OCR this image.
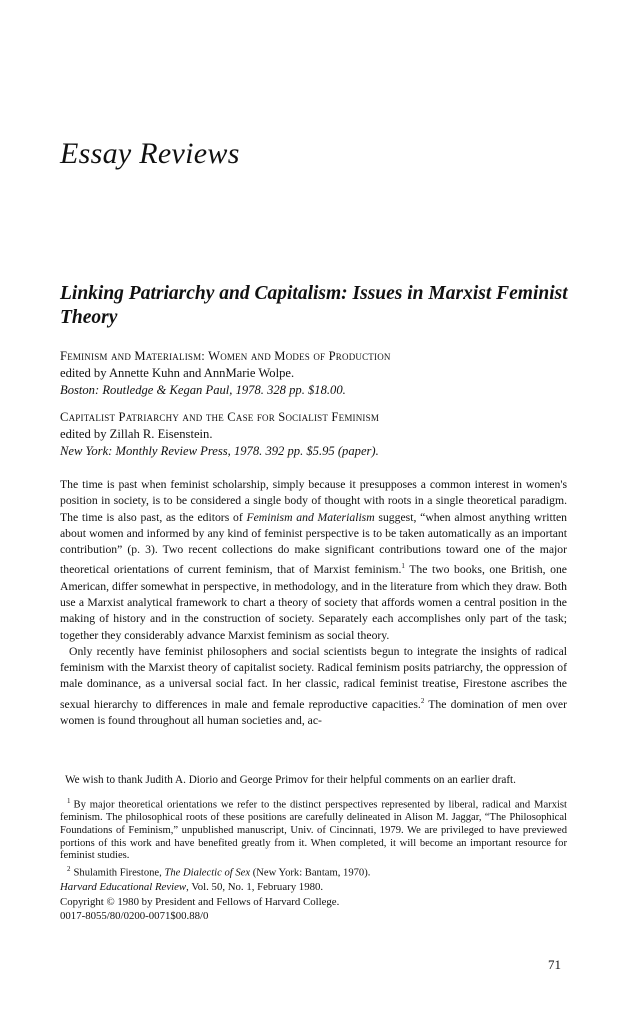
Essay Reviews
Linking Patriarchy and Capitalism: Issues in Marxist Feminist Theory
Feminism and Materialism: Women and Modes of Production
edited by Annette Kuhn and AnnMarie Wolpe.
Boston: Routledge & Kegan Paul, 1978. 328 pp. $18.00.
Capitalist Patriarchy and the Case for Socialist Feminism
edited by Zillah R. Eisenstein.
New York: Monthly Review Press, 1978. 392 pp. $5.95 (paper).

The time is past when feminist scholarship, simply because it presupposes a common interest in women's position in society, is to be considered a single body of thought with roots in a single theoretical paradigm. The time is also past, as the editors of Feminism and Materialism suggest, “when almost anything written about women and informed by any kind of feminist perspective is to be taken automatically as an important contribution” (p. 3). Two recent collections do make significant contributions toward one of the major theoretical orientations of current feminism, that of Marxist feminism.$^1$ The two books, one British, one American, differ somewhat in perspective, in methodology, and in the literature from which they draw. Both use a Marxist analytical framework to chart a theory of society that affords women a central position in the making of history and in the construction of society. Separately each accomplishes only part of the task; together they considerably advance Marxist feminism as social theory.

Only recently have feminist philosophers and social scientists begun to integrate the insights of radical feminism with the Marxist theory of capitalist society. Radical feminism posits patriarchy, the oppression of male dominance, as a universal social fact. In her classic, radical feminist treatise, Firestone ascribes the sexual hierarchy to differences in male and female reproductive capacities.$^2$ The domination of men over women is found throughout all human societies and, ac-

We wish to thank Judith A. Diorio and George Primov for their helpful comments on an earlier draft.

$^1$ By major theoretical orientations we refer to the distinct perspectives represented by liberal, radical and Marxist feminism. The philosophical roots of these positions are carefully delineated in Alison M. Jaggar, “The Philosophical Foundations of Feminism,” unpublished manuscript, Univ. of Cincinnati, 1979. We are privileged to have previewed portions of this work and have benefited greatly from it. When completed, it will become an important resource for feminist studies.

$^2$ Shulamith Firestone, The Dialectic of Sex (New York: Bantam, 1970).

Harvard Educational Review, Vol. 50, No. 1, February 1980.
Copyright © 1980 by President and Fellows of Harvard College.
0017-8055/80/0200-0071$00.88/0
71
